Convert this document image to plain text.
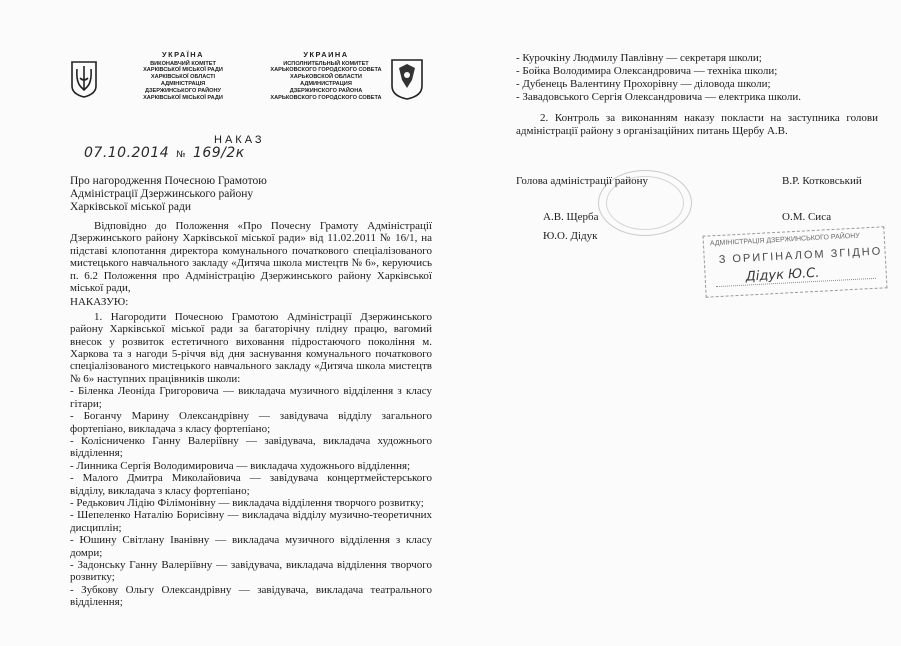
УКРАЇНА
ВИКОНАВЧИЙ КОМІТЕТ
ХАРКІВСЬКОЇ МІСЬКОЇ РАДИ
ХАРКІВСЬКОЇ ОБЛАСТІ
АДМІНІСТРАЦІЯ
ДЗЕРЖИНСЬКОГО РАЙОНУ
ХАРКІВСЬКОЇ МІСЬКОЇ РАДИ
УКРАИНА
ИСПОЛНИТЕЛЬНЫЙ КОМИТЕТ
ХАРЬКОВСКОГО ГОРОДСКОГО СОВЕТА
ХАРЬКОВСКОЙ ОБЛАСТИ
АДМИНИСТРАЦИЯ
ДЗЕРЖИНСКОГО РАЙОНА
ХАРЬКОВСКОГО ГОРОДСКОГО СОВЕТА
НАКАЗ
07.10.2014 № 169/2к
Про нагородження Почесною Грамотою
Адміністрації Дзержинського району
Харківської міської ради

Відповідно до Положення «Про Почесну Грамоту Адміністрації Дзержинського району Харківської міської ради» від 11.02.2011 № 16/1, на підставі клопотання директора комунального початкового спеціалізованого мистецького навчального закладу «Дитяча школа мистецтв № 6», керуючись п. 6.2 Положення про Адміністрацію Дзержинського району Харківської міської ради,

НАКАЗУЮ:

1. Нагородити Почесною Грамотою Адміністрації Дзержинського району Харківської міської ради за багаторічну плідну працю, вагомий внесок у розвиток естетичного виховання підростаючого покоління м. Харкова та з нагоди 5-річчя від дня заснування комунального початкового спеціалізованого мистецького навчального закладу «Дитяча школа мистецтв № 6» наступних працівників школи:

- Біленка Леоніда Григоровича — викладача музичного відділення з класу гітари;
- Боганчу Марину Олександрівну — завідувача відділу загального фортепіано, викладача з класу фортепіано;
- Колісниченко Ганну Валеріївну — завідувача, викладача художнього відділення;
- Линника Сергія Володимировича — викладача художнього відділення;
- Малого Дмитра Миколайовича — завідувача концертмейстерського відділу, викладача з класу фортепіано;
- Редькович Лідію Філімонівну — викладача відділення творчого розвитку;
- Шепеленко Наталію Борисівну — викладача відділу музично-теоретичних дисциплін;
- Юшину Світлану Іванівну — викладача музичного відділення з класу домри;
- Задонську Ганну Валеріївну — завідувача, викладача відділення творчого розвитку;
- Зубкову Ольгу Олександрівну — завідувача, викладача театрального відділення;
- Курочкіну Людмилу Павлівну — секретаря школи;
- Бойка Володимира Олександровича — техніка школи;
- Дубенець Валентину Прохорівну — діловода школи;
- Завадовського Сергія Олександровича — електрика школи.
2. Контроль за виконанням наказу покласти на заступника голови адміністрації району з організаційних питань Щербу А.В.
Голова адміністрації району	В.Р. Котковський
А.В. Щерба	О.М. Сиса
Ю.О. Дідук	АДМІНІСТРАЦІЯ ДЗЕРЖИНСЬКОГО РАЙОНУ
З ОРИГІНАЛОМ ЗГІДНО
Дідук Ю.С.
